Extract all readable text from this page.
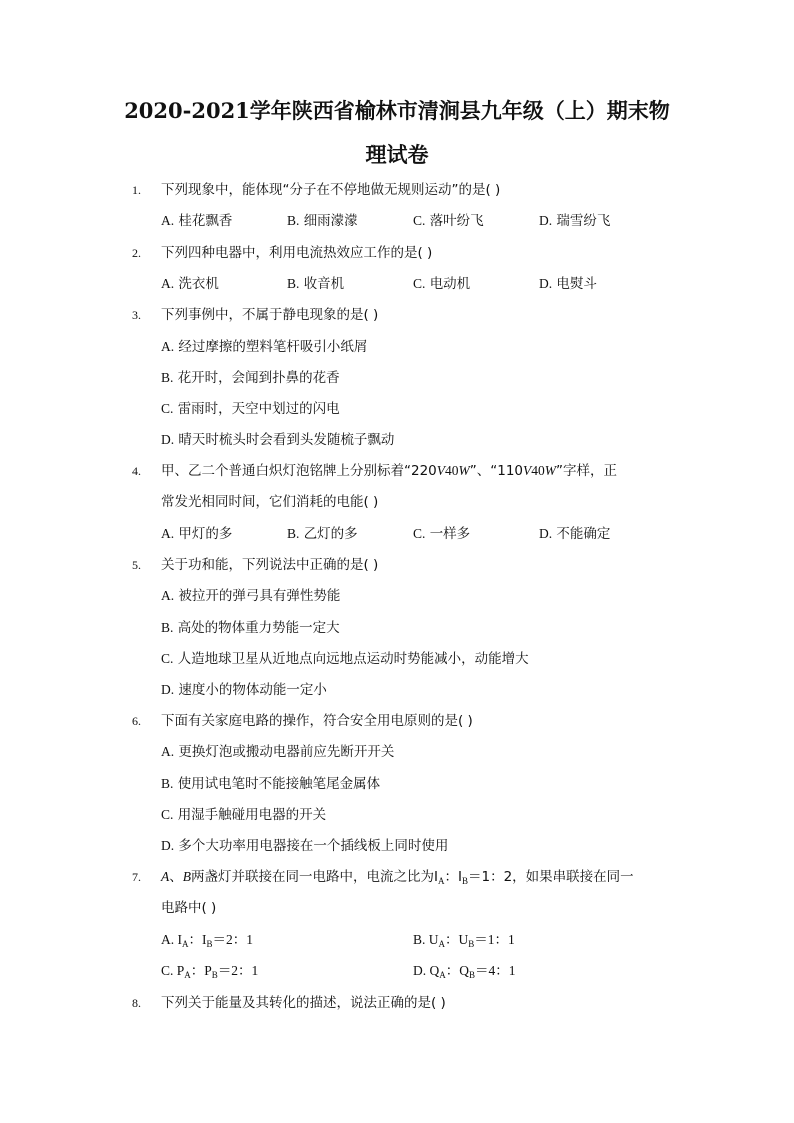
2020-2021学年陕西省榆林市清涧县九年级（上）期末物
理试卷
1.	下列现象中，能体现“分子在不停地做无规则运动”的是( )
A. 桂花飘香	B. 细雨濛濛	C. 落叶纷飞	D. 瑞雪纷飞
2.	下列四种电器中，利用电流热效应工作的是( )
A. 洗衣机	B. 收音机	C. 电动机	D. 电熨斗
3.	下列事例中，不属于静电现象的是( )
A. 经过摩擦的塑料笔杆吸引小纸屑
B. 花开时，会闻到扑鼻的花香
C. 雷雨时，天空中划过的闪电
D. 晴天时梳头时会看到头发随梳子飘动
4.	甲、乙二个普通白炽灯泡铭牌上分别标着“220V40W”、“110V40W”字样，正
常发光相同时间，它们消耗的电能( )
A. 甲灯的多	B. 乙灯的多	C. 一样多	D. 不能确定
5.	关于功和能，下列说法中正确的是( )
A. 被拉开的弹弓具有弹性势能
B. 高处的物体重力势能一定大
C. 人造地球卫星从近地点向远地点运动时势能减小，动能增大
D. 速度小的物体动能一定小
6.	下面有关家庭电路的操作，符合安全用电原则的是( )
A. 更换灯泡或搬动电器前应先断开开关
B. 使用试电笔时不能接触笔尾金属体
C. 用湿手触碰用电器的开关
D. 多个大功率用电器接在一个插线板上同时使用
7.	A、B两盏灯并联接在同一电路中，电流之比为$I_A$：$I_B=1$：2，如果串联接在同一
电路中( )
A. $I_A$：$I_B=2$：1	B. $U_A$：$U_B=1$：1
C. $P_A$：$P_B=2$：1	D. $Q_A$：$Q_B=4$：1
8.	下列关于能量及其转化的描述，说法正确的是( )
